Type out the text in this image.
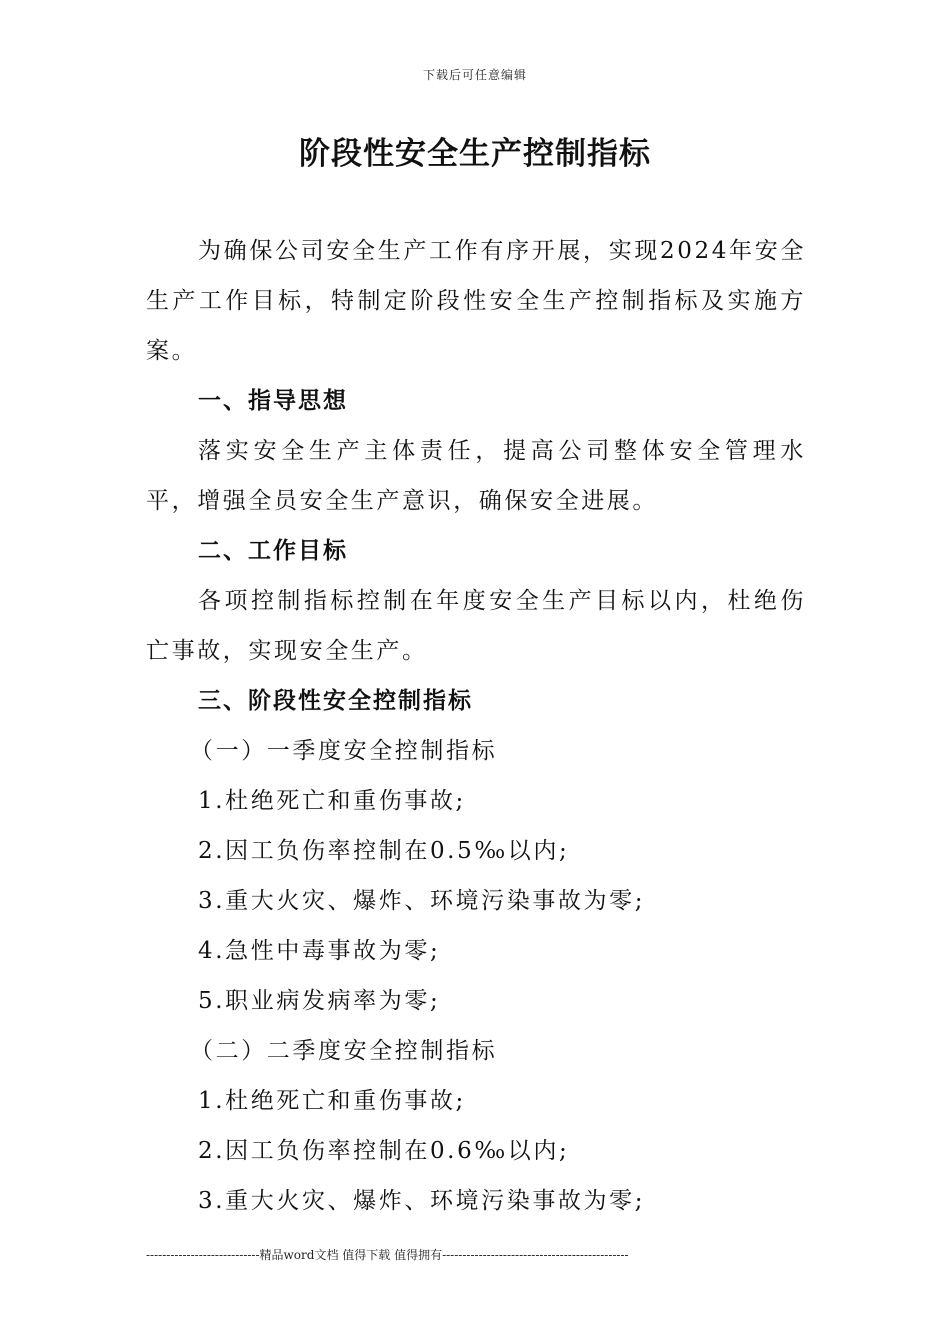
下载后可任意编辑
阶段性安全生产控制指标

为确保公司安全生产工作有序开展，实现2024年安全生产工作目标，特制定阶段性安全生产控制指标及实施方案。

一、指导思想

落实安全生产主体责任，提高公司整体安全管理水平，增强全员安全生产意识，确保安全进展。

二、工作目标

各项控制指标控制在年度安全生产目标以内，杜绝伤亡事故，实现安全生产。

三、阶段性安全控制指标
（一）一季度安全控制指标
1.杜绝死亡和重伤事故;
2.因工负伤率控制在0.5‰以内;
3.重大火灾、爆炸、环境污染事故为零;
4.急性中毒事故为零;
5.职业病发病率为零;
（二）二季度安全控制指标
1.杜绝死亡和重伤事故;
2.因工负伤率控制在0.6‰以内;
3.重大火灾、爆炸、环境污染事故为零;
----------------------------精品word文档 值得下载 值得拥有----------------------------------------------
